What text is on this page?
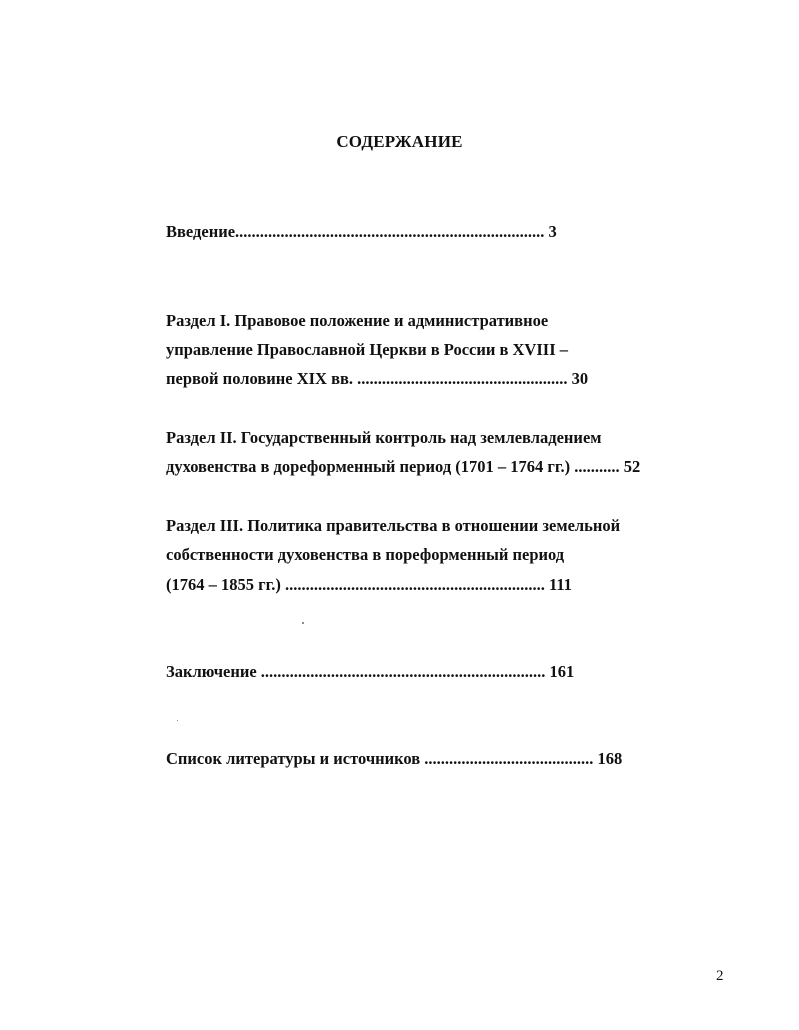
СОДЕРЖАНИЕ
Введение........................................................................... 3
Раздел I. Правовое положение и административное
управление Православной Церкви в России в XVIII –
первой половине XIX вв. ................................................... 30
Раздел II. Государственный контроль над землевладением
духовенства в дореформенный период (1701 – 1764 гг.) ........... 52
Раздел III. Политика правительства в отношении земельной
собственности духовенства в пореформенный период
(1764 – 1855 гг.) ............................................................... 111
Заключение ..................................................................... 161
Список литературы и источников ......................................... 168
2
